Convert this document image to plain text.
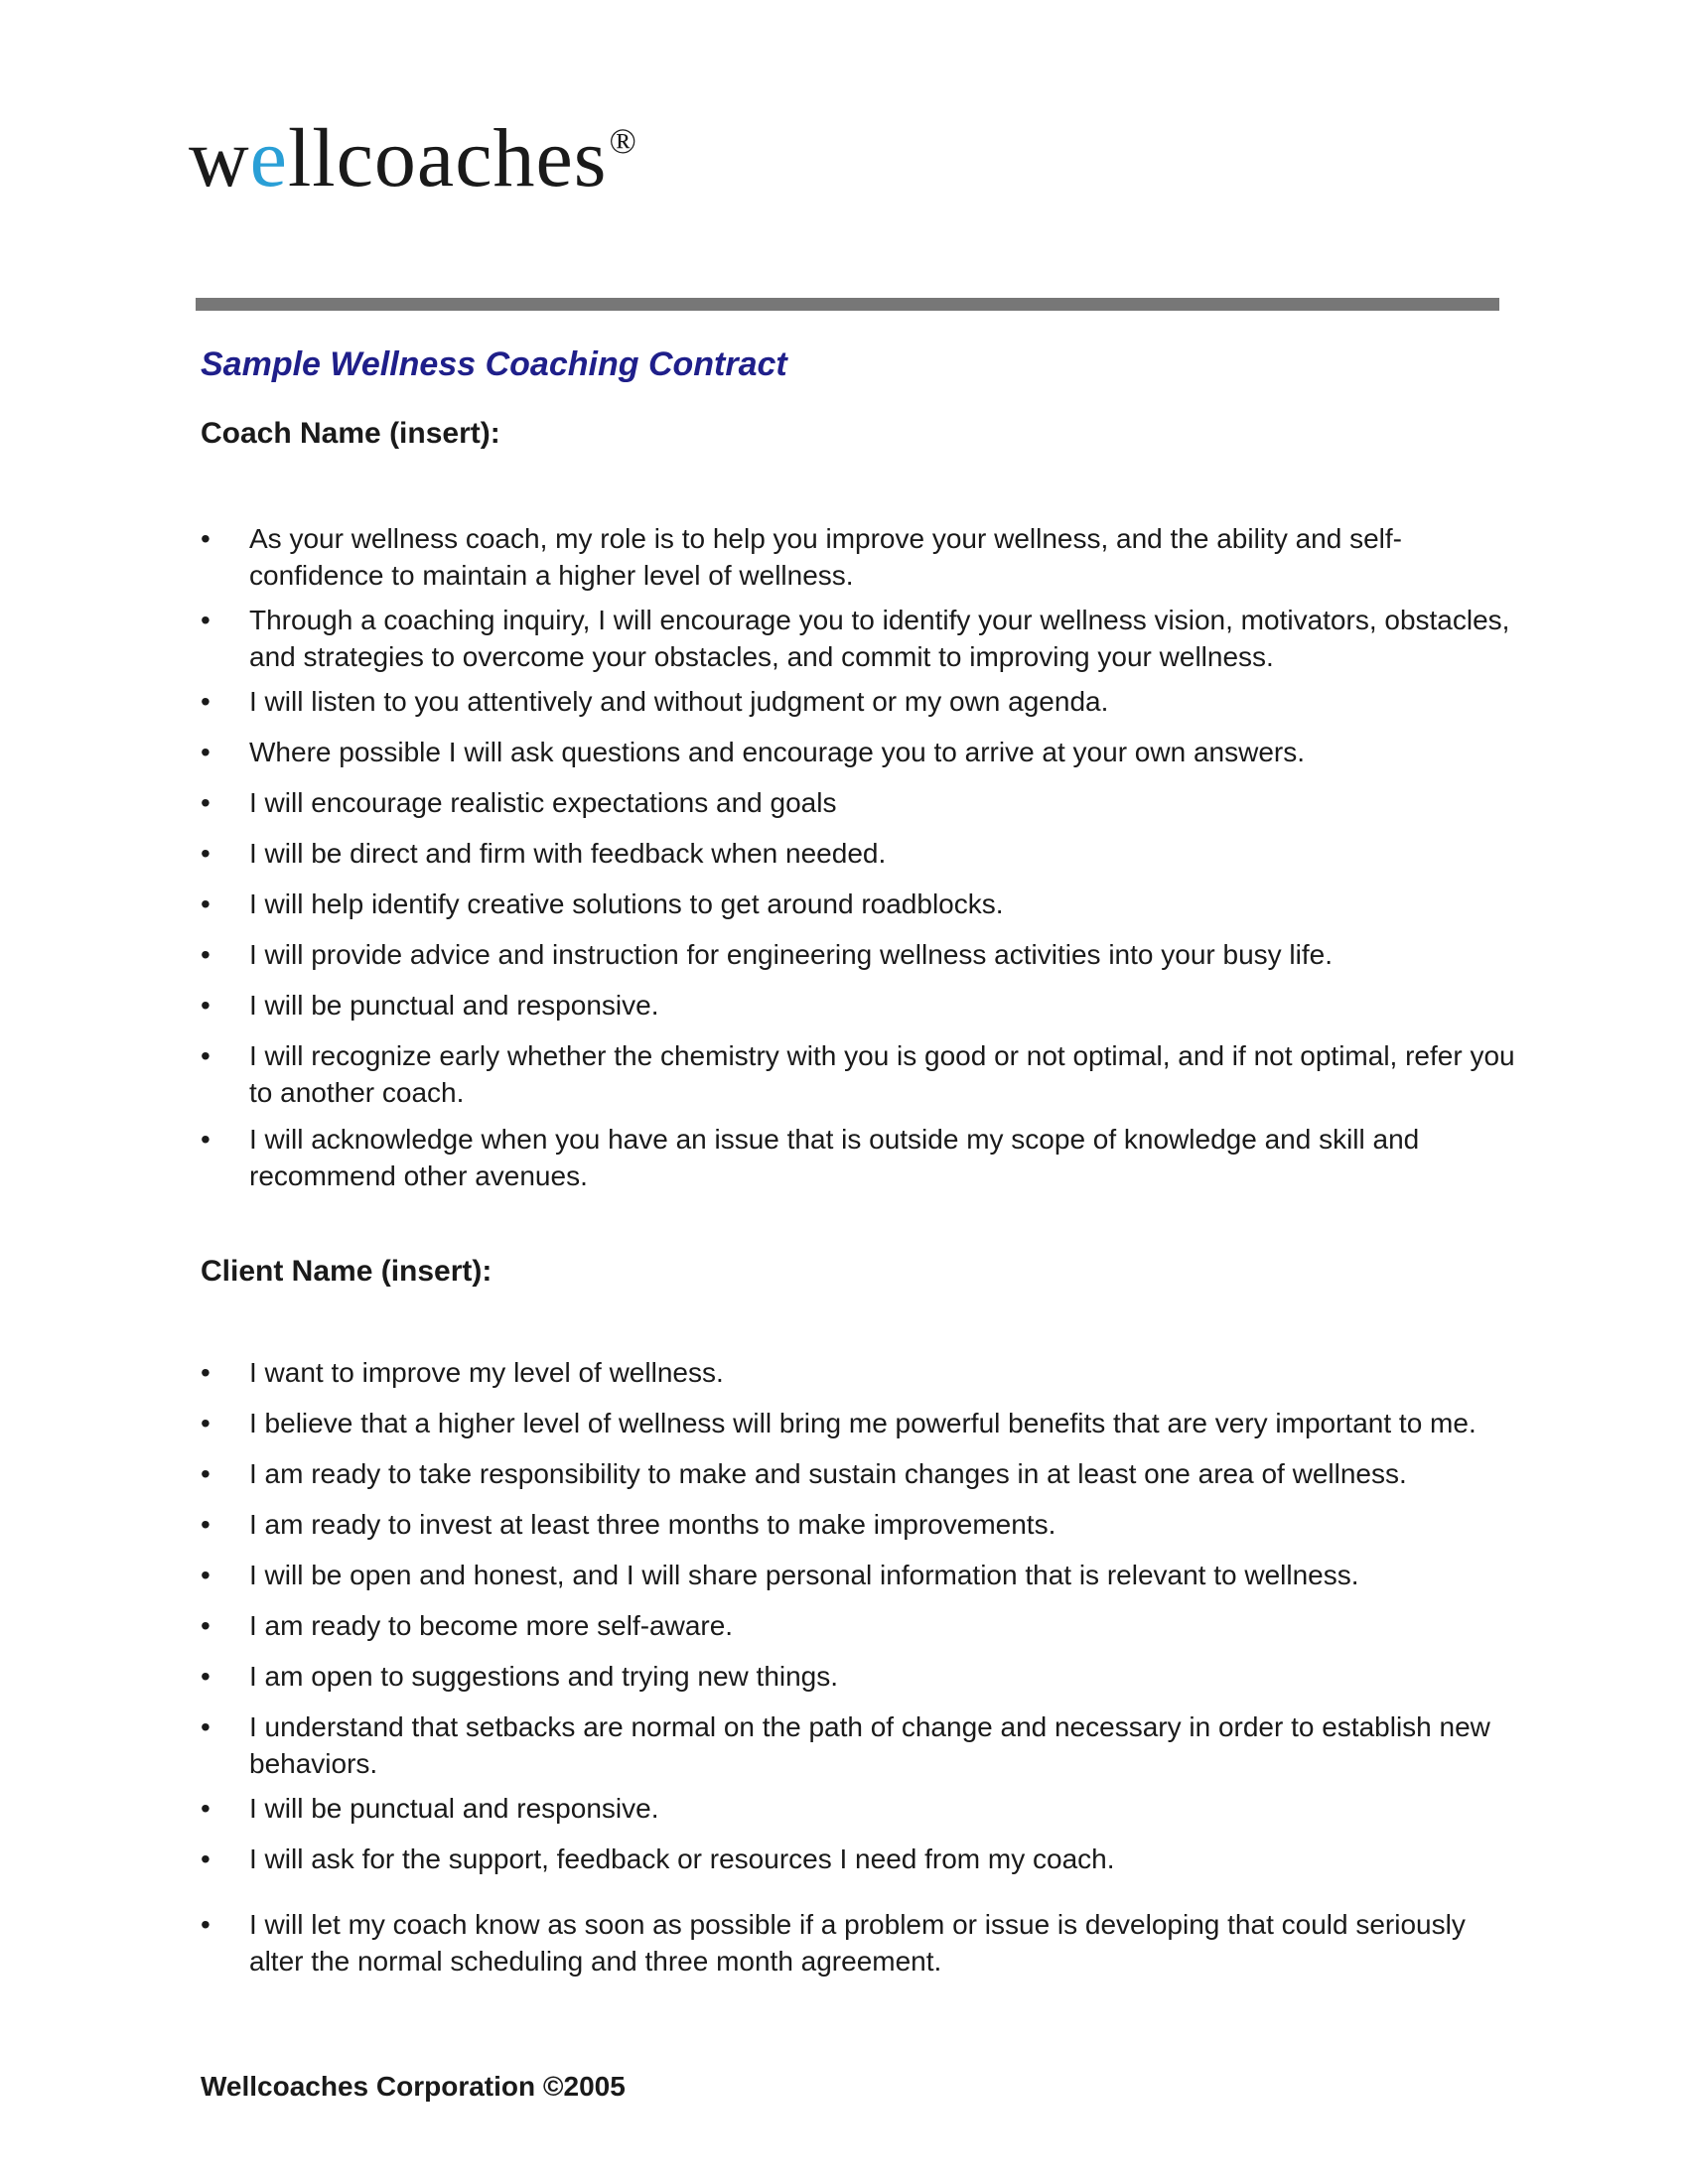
wellcoaches®
Sample Wellness Coaching Contract
Coach Name (insert):
• As your wellness coach, my role is to help you improve your wellness, and the ability and self-confidence to maintain a higher level of wellness.
• Through a coaching inquiry, I will encourage you to identify your wellness vision, motivators, obstacles, and strategies to overcome your obstacles, and commit to improving your wellness.
• I will listen to you attentively and without judgment or my own agenda.
• Where possible I will ask questions and encourage you to arrive at your own answers.
• I will encourage realistic expectations and goals
• I will be direct and firm with feedback when needed.
• I will help identify creative solutions to get around roadblocks.
• I will provide advice and instruction for engineering wellness activities into your busy life.
• I will be punctual and responsive.
• I will recognize early whether the chemistry with you is good or not optimal, and if not optimal, refer you to another coach.
• I will acknowledge when you have an issue that is outside my scope of knowledge and skill and recommend other avenues.
Client Name (insert):
• I want to improve my level of wellness.
• I believe that a higher level of wellness will bring me powerful benefits that are very important to me.
• I am ready to take responsibility to make and sustain changes in at least one area of wellness.
• I am ready to invest at least three months to make improvements.
• I will be open and honest, and I will share personal information that is relevant to wellness.
• I am ready to become more self-aware.
• I am open to suggestions and trying new things.
• I understand that setbacks are normal on the path of change and necessary in order to establish new behaviors.
• I will be punctual and responsive.
• I will ask for the support, feedback or resources I need from my coach.
• I will let my coach know as soon as possible if a problem or issue is developing that could seriously alter the normal scheduling and three month agreement.
Wellcoaches Corporation ©2005
